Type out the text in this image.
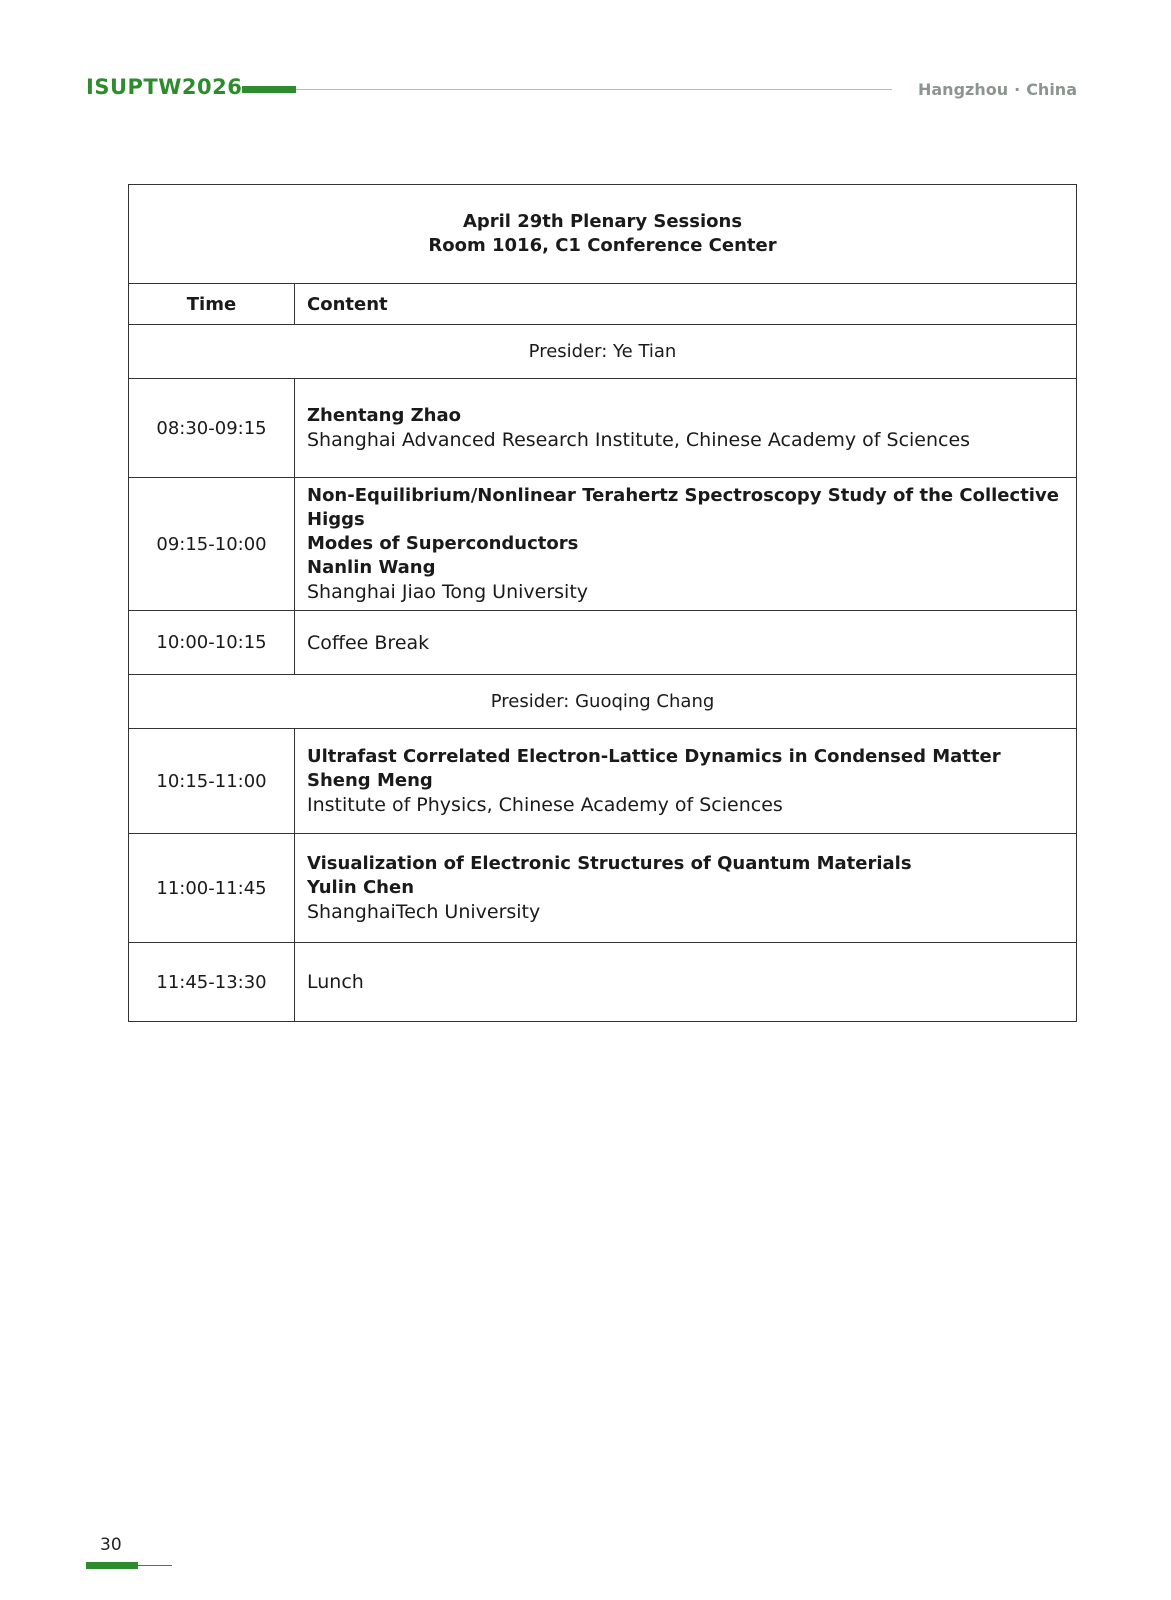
ISUPTW2026	Hangzhou · China
April 29th Plenary Sessions
Room 1016, C1 Conference Center	
Time	Content
Presider: Ye Tian	
08:30-09:15	Zhentang Zhao
Shanghai Advanced Research Institute, Chinese Academy of Sciences

09:15-10:00	Non-Equilibrium/Nonlinear Terahertz Spectroscopy Study of the Collective Higgs
Modes of Superconductors
Nanlin Wang
Shanghai Jiao Tong University

10:00-10:15	Coffee Break

Presider: Guoqing Chang	
10:15-11:00	Ultrafast Correlated Electron-Lattice Dynamics in Condensed Matter
Sheng Meng
Institute of Physics, Chinese Academy of Sciences

11:00-11:45	Visualization of Electronic Structures of Quantum Materials
Yulin Chen
ShanghaiTech University

11:45-13:30	Lunch
30
